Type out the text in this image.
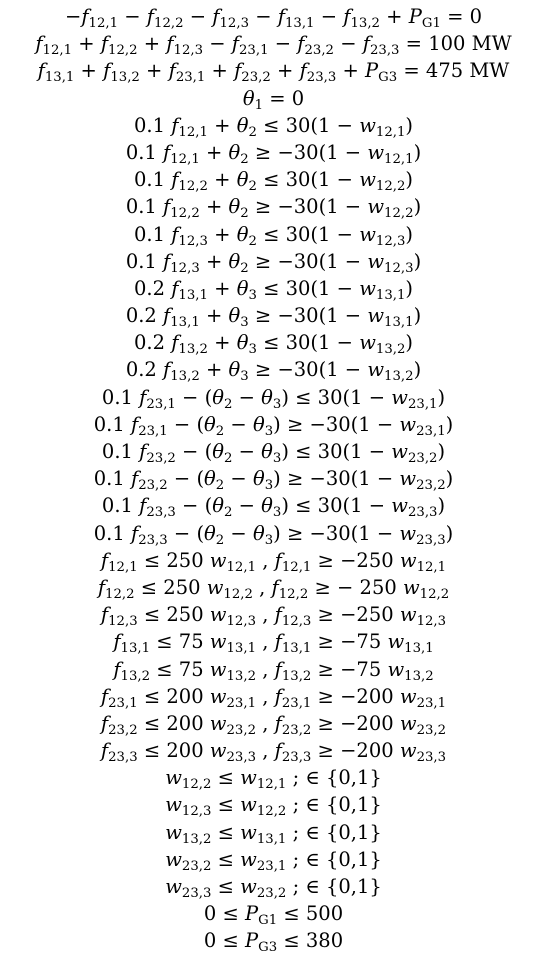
$-f_{12,1} - f_{12,2} - f_{12,3} - f_{13,1} - f_{13,2} + P_{G1} = 0$
$f_{12,1} + f_{12,2} + f_{12,3} - f_{23,1} - f_{23,2} - f_{23,3} = 100$ MW
$f_{13,1} + f_{13,2} + f_{23,1} + f_{23,2} + f_{23,3} + P_{G3} = 475$ MW
$\theta_1 = 0$
0.1 $f_{12,1} + \theta_2 \le 30(1 - w_{12,1})$
0.1 $f_{12,1} + \theta_2 \ge -30(1 - w_{12,1})$
0.1 $f_{12,2} + \theta_2 \le 30(1 - w_{12,2})$
0.1 $f_{12,2} + \theta_2 \ge -30(1 - w_{12,2})$
0.1 $f_{12,3} + \theta_2 \le 30(1 - w_{12,3})$
0.1 $f_{12,3} + \theta_2 \ge -30(1 - w_{12,3})$
0.2 $f_{13,1} + \theta_3 \le 30(1 - w_{13,1})$
0.2 $f_{13,1} + \theta_3 \ge -30(1 - w_{13,1})$
0.2 $f_{13,2} + \theta_3 \le 30(1 - w_{13,2})$
0.2 $f_{13,2} + \theta_3 \ge -30(1 - w_{13,2})$
0.1 $f_{23,1} - (\theta_2 - \theta_3) \le 30(1 - w_{23,1})$
0.1 $f_{23,1} - (\theta_2 - \theta_3) \ge -30(1 - w_{23,1})$
0.1 $f_{23,2} - (\theta_2 - \theta_3) \le 30(1 - w_{23,2})$
0.1 $f_{23,2} - (\theta_2 - \theta_3) \ge -30(1 - w_{23,2})$
0.1 $f_{23,3} - (\theta_2 - \theta_3) \le 30(1 - w_{23,3})$
0.1 $f_{23,3} - (\theta_2 - \theta_3) \ge -30(1 - w_{23,3})$
$f_{12,1} \le 250$ $w_{12,1}$ , $f_{12,1} \ge -250$ $w_{12,1}$
$f_{12,2} \le 250$ $w_{12,2}$ , $f_{12,2}$ ≥ − 250 $w_{12,2}$
$f_{12,3} \le 250$ $w_{12,3}$ , $f_{12,3} \ge -250$ $w_{12,3}$
$f_{13,1} \le 75$ $w_{13,1}$ , $f_{13,1} \ge -75$ $w_{13,1}$
$f_{13,2} \le 75$ $w_{13,2}$ , $f_{13,2} \ge -75$ $w_{13,2}$
$f_{23,1} \le 200$ $w_{23,1}$ , $f_{23,1} \ge -200$ $w_{23,1}$
$f_{23,2} \le 200$ $w_{23,2}$ , $f_{23,2} \ge -200$ $w_{23,2}$
$f_{23,3} \le 200$ $w_{23,3}$ , $f_{23,3} \ge -200$ $w_{23,3}$
$w_{12,2} \le w_{12,1}$ ; ∈ {0,1}
$w_{12,3} \le w_{12,2}$ ; ∈ {0,1}
$w_{13,2} \le w_{13,1}$ ; ∈ {0,1}
$w_{23,2} \le w_{23,1}$ ; ∈ {0,1}
$w_{23,3} \le w_{23,2}$ ; ∈ {0,1}
$0 \le P_{G1} \le 500$
$0 \le P_{G3} \le 380$
